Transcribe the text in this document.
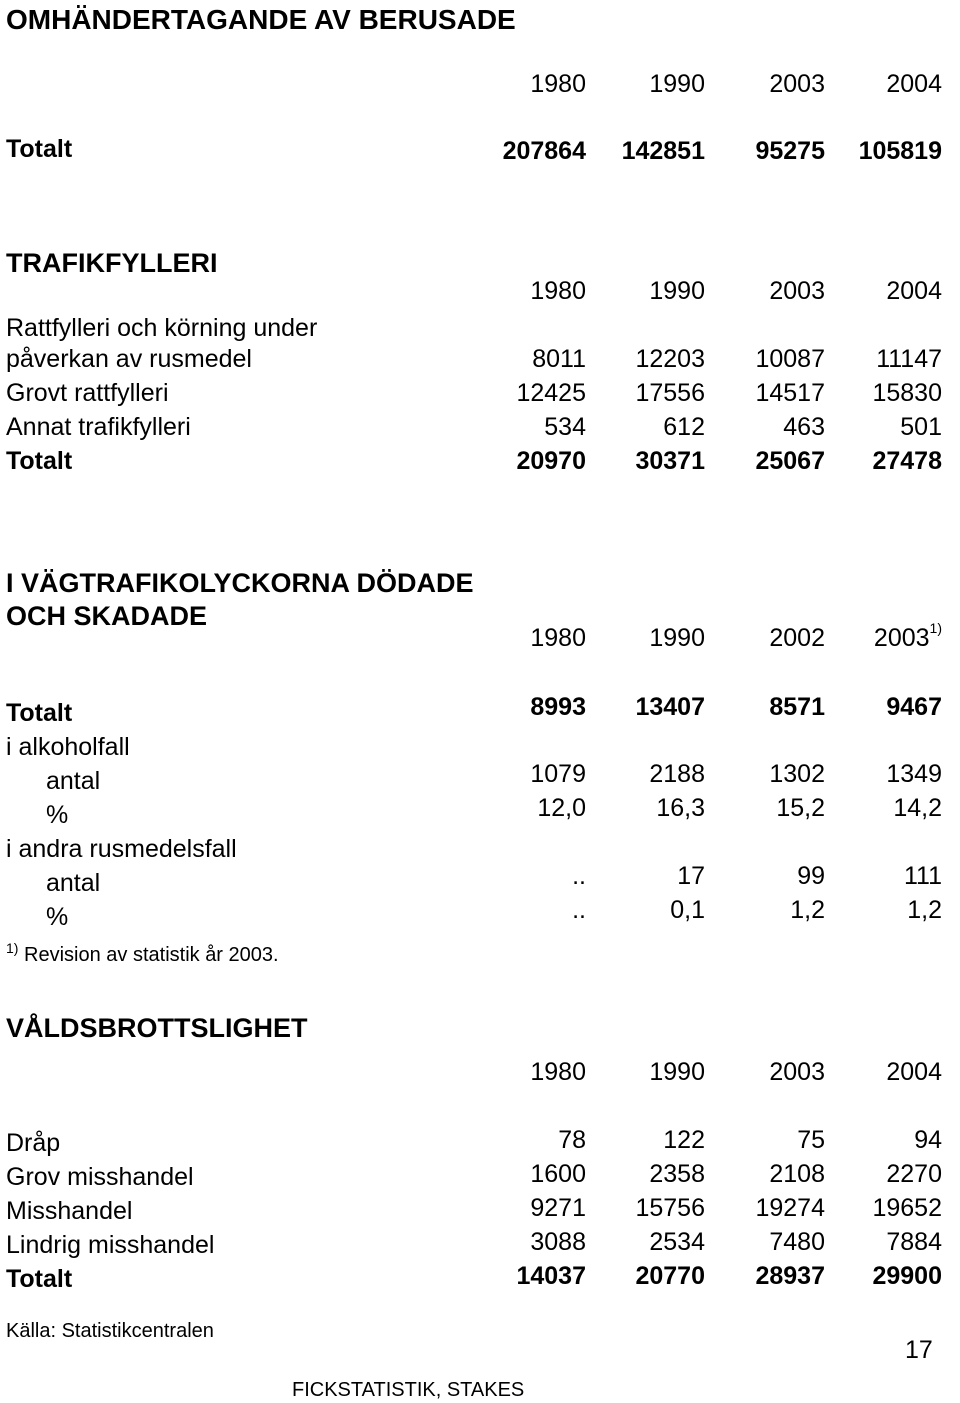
OMHÄNDERTAGANDE AV BERUSADE
1980	1990	2003	2004
Totalt	207864	142851	95275	105819
TRAFIKFYLLERI
1980	1990	2003	2004
Rattfylleri och körning under
påverkan av rusmedel	8011	12203	10087	11147
Grovt rattfylleri	12425	17556	14517	15830
Annat trafikfylleri	534	612	463	501
Totalt	20970	30371	25067	27478
I VÄGTRAFIKOLYCKORNA DÖDADE
OCH SKADADE
1980	1990	2002	2003$^{1)}$
Totalt	8993	13407	8571	9467
i alkoholfall
antal	1079	2188	1302	1349
%	12,0	16,3	15,2	14,2
i andra rusmedelsfall
antal	..	17	99	111
%	..	0,1	1,2	1,2
$^{1)}$ Revision av statistik år 2003.
VÅLDSBROTTSLIGHET
1980	1990	2003	2004
Dråp	78	122	75	94
Grov misshandel	1600	2358	2108	2270
Misshandel	9271	15756	19274	19652
Lindrig misshandel	3088	2534	7480	7884
Totalt	14037	20770	28937	29900
Källa: Statistikcentralen
FICKSTATISTIK, STAKES
17
